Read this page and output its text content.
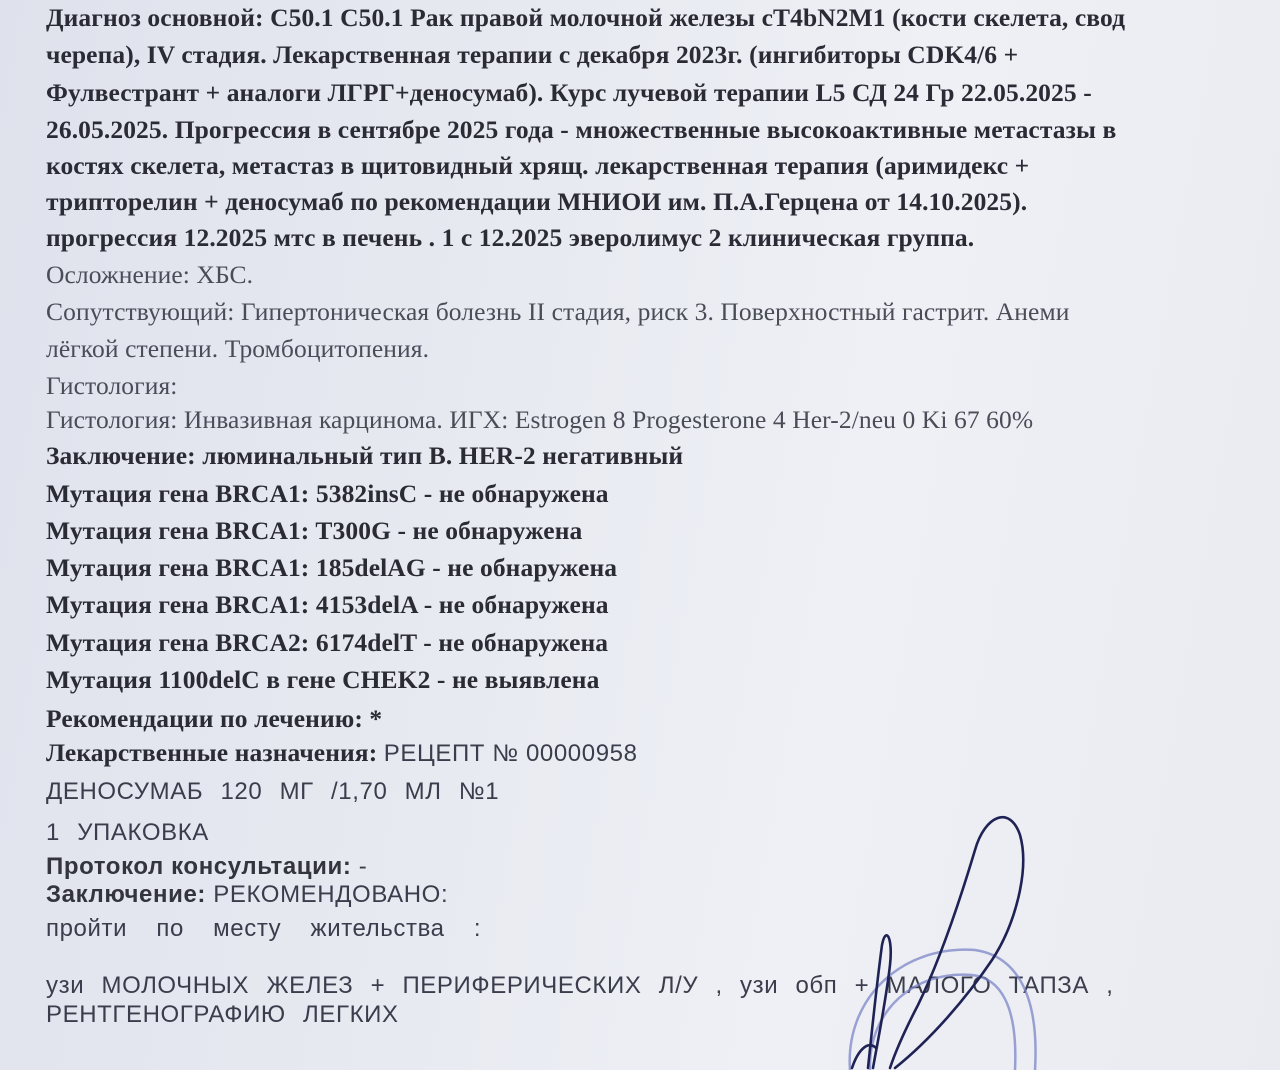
Диагноз основной: С50.1 С50.1 Рак правой молочной железы cT4bN2M1 (кости скелета, свод
черепа), IV стадия. Лекарственная терапии с декабря 2023г. (ингибиторы CDK4/6 +
Фулвестрант + аналоги ЛГРГ+деносумаб). Курс лучевой терапии L5 СД 24 Гр 22.05.2025 -
26.05.2025. Прогрессия в сентябре 2025 года - множественные высокоактивные метастазы в
костях скелета, метастаз в щитовидный хрящ. лекарственная терапия (аримидекс +
трипторелин + деносумаб по рекомендации МНИОИ им. П.А.Герцена от 14.10.2025).
прогрессия 12.2025 мтс в печень . 1 с 12.2025 эверолимус 2 клиническая группа.
Осложнение: ХБС.
Сопутствующий: Гипертоническая болезнь II стадия, риск 3. Поверхностный гастрит. Анеми
лёгкой степени. Тромбоцитопения.
Гистология:
Гистология: Инвазивная карцинома. ИГХ: Estrogen 8 Progesterone 4 Her-2/neu 0 Ki 67 60%
Заключение: люминальный тип В. HER-2 негативный
Мутация гена BRCA1: 5382insC - не обнаружена
Мутация гена BRCA1: T300G - не обнаружена
Мутация гена BRCA1: 185delAG - не обнаружена
Мутация гена BRCA1: 4153delA - не обнаружена
Мутация гена BRCA2: 6174delT - не обнаружена
Мутация 1100delC в гене CHEK2 - не выявлена
Рекомендации по лечению: *
Лекарственные назначения: РЕЦЕПТ № 00000958
ДЕНОСУМАБ 120 МГ /1,70 МЛ №1
1 УПАКОВКА
Протокол консультации: -
Заключение: РЕКОМЕНДОВАНО:
пройти по месту жительства :
узи МОЛОЧНЫХ ЖЕЛЕЗ + ПЕРИФЕРИЧЕСКИХ Л/У , узи обп + МАЛОГО ТАПЗА ,
РЕНТГЕНОГРАФИЮ ЛЕГКИХ
